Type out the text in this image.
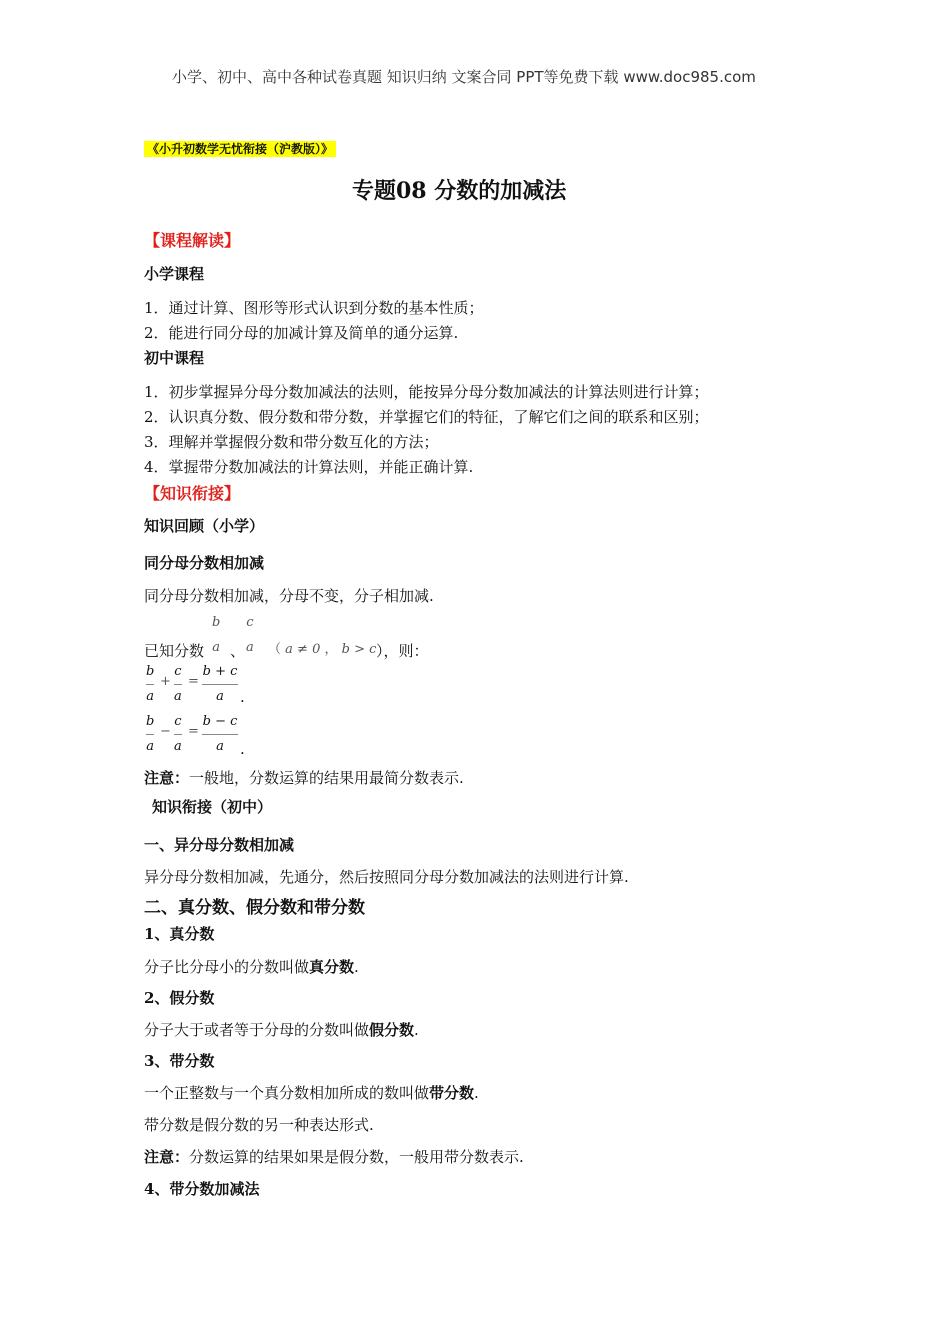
小学、初中、高中各种试卷真题 知识归纳 文案合同 PPT等免费下载 www.doc985.com
《小升初数学无忧衔接（沪教版）》
专题08 分数的加减法
【课程解读】
小学课程
1．通过计算、图形等形式认识到分数的基本性质；
2．能进行同分母的加减计算及简单的通分运算.
初中课程
1．初步掌握异分母分数加减法的法则，能按异分母分数加减法的计算法则进行计算；
2．认识真分数、假分数和带分数，并掌握它们的特征，了解它们之间的联系和区别；
3．理解并掌握假分数和带分数互化的方法；
4．掌握带分数加减法的计算法则，并能正确计算.
【知识衔接】
知识回顾（小学）
同分母分数相加减
同分母分数相加减，分母不变，分子相加减.
已知分数
b
a 、
c
a （ a ≠ 0 ， b > c ），则：
b
a
+
c
a
=
b + c
a .
b
a
−
c
a
=
b − c
a .
注意：一般地，分数运算的结果用最简分数表示.
知识衔接（初中）
一、异分母分数相加减
异分母分数相加减，先通分，然后按照同分母分数加减法的法则进行计算.
二、真分数、假分数和带分数
1、真分数
分子比分母小的分数叫做真分数.
2、假分数
分子大于或者等于分母的分数叫做假分数.
3、带分数
一个正整数与一个真分数相加所成的数叫做带分数.
带分数是假分数的另一种表达形式.
注意：分数运算的结果如果是假分数，一般用带分数表示.
4、带分数加减法
